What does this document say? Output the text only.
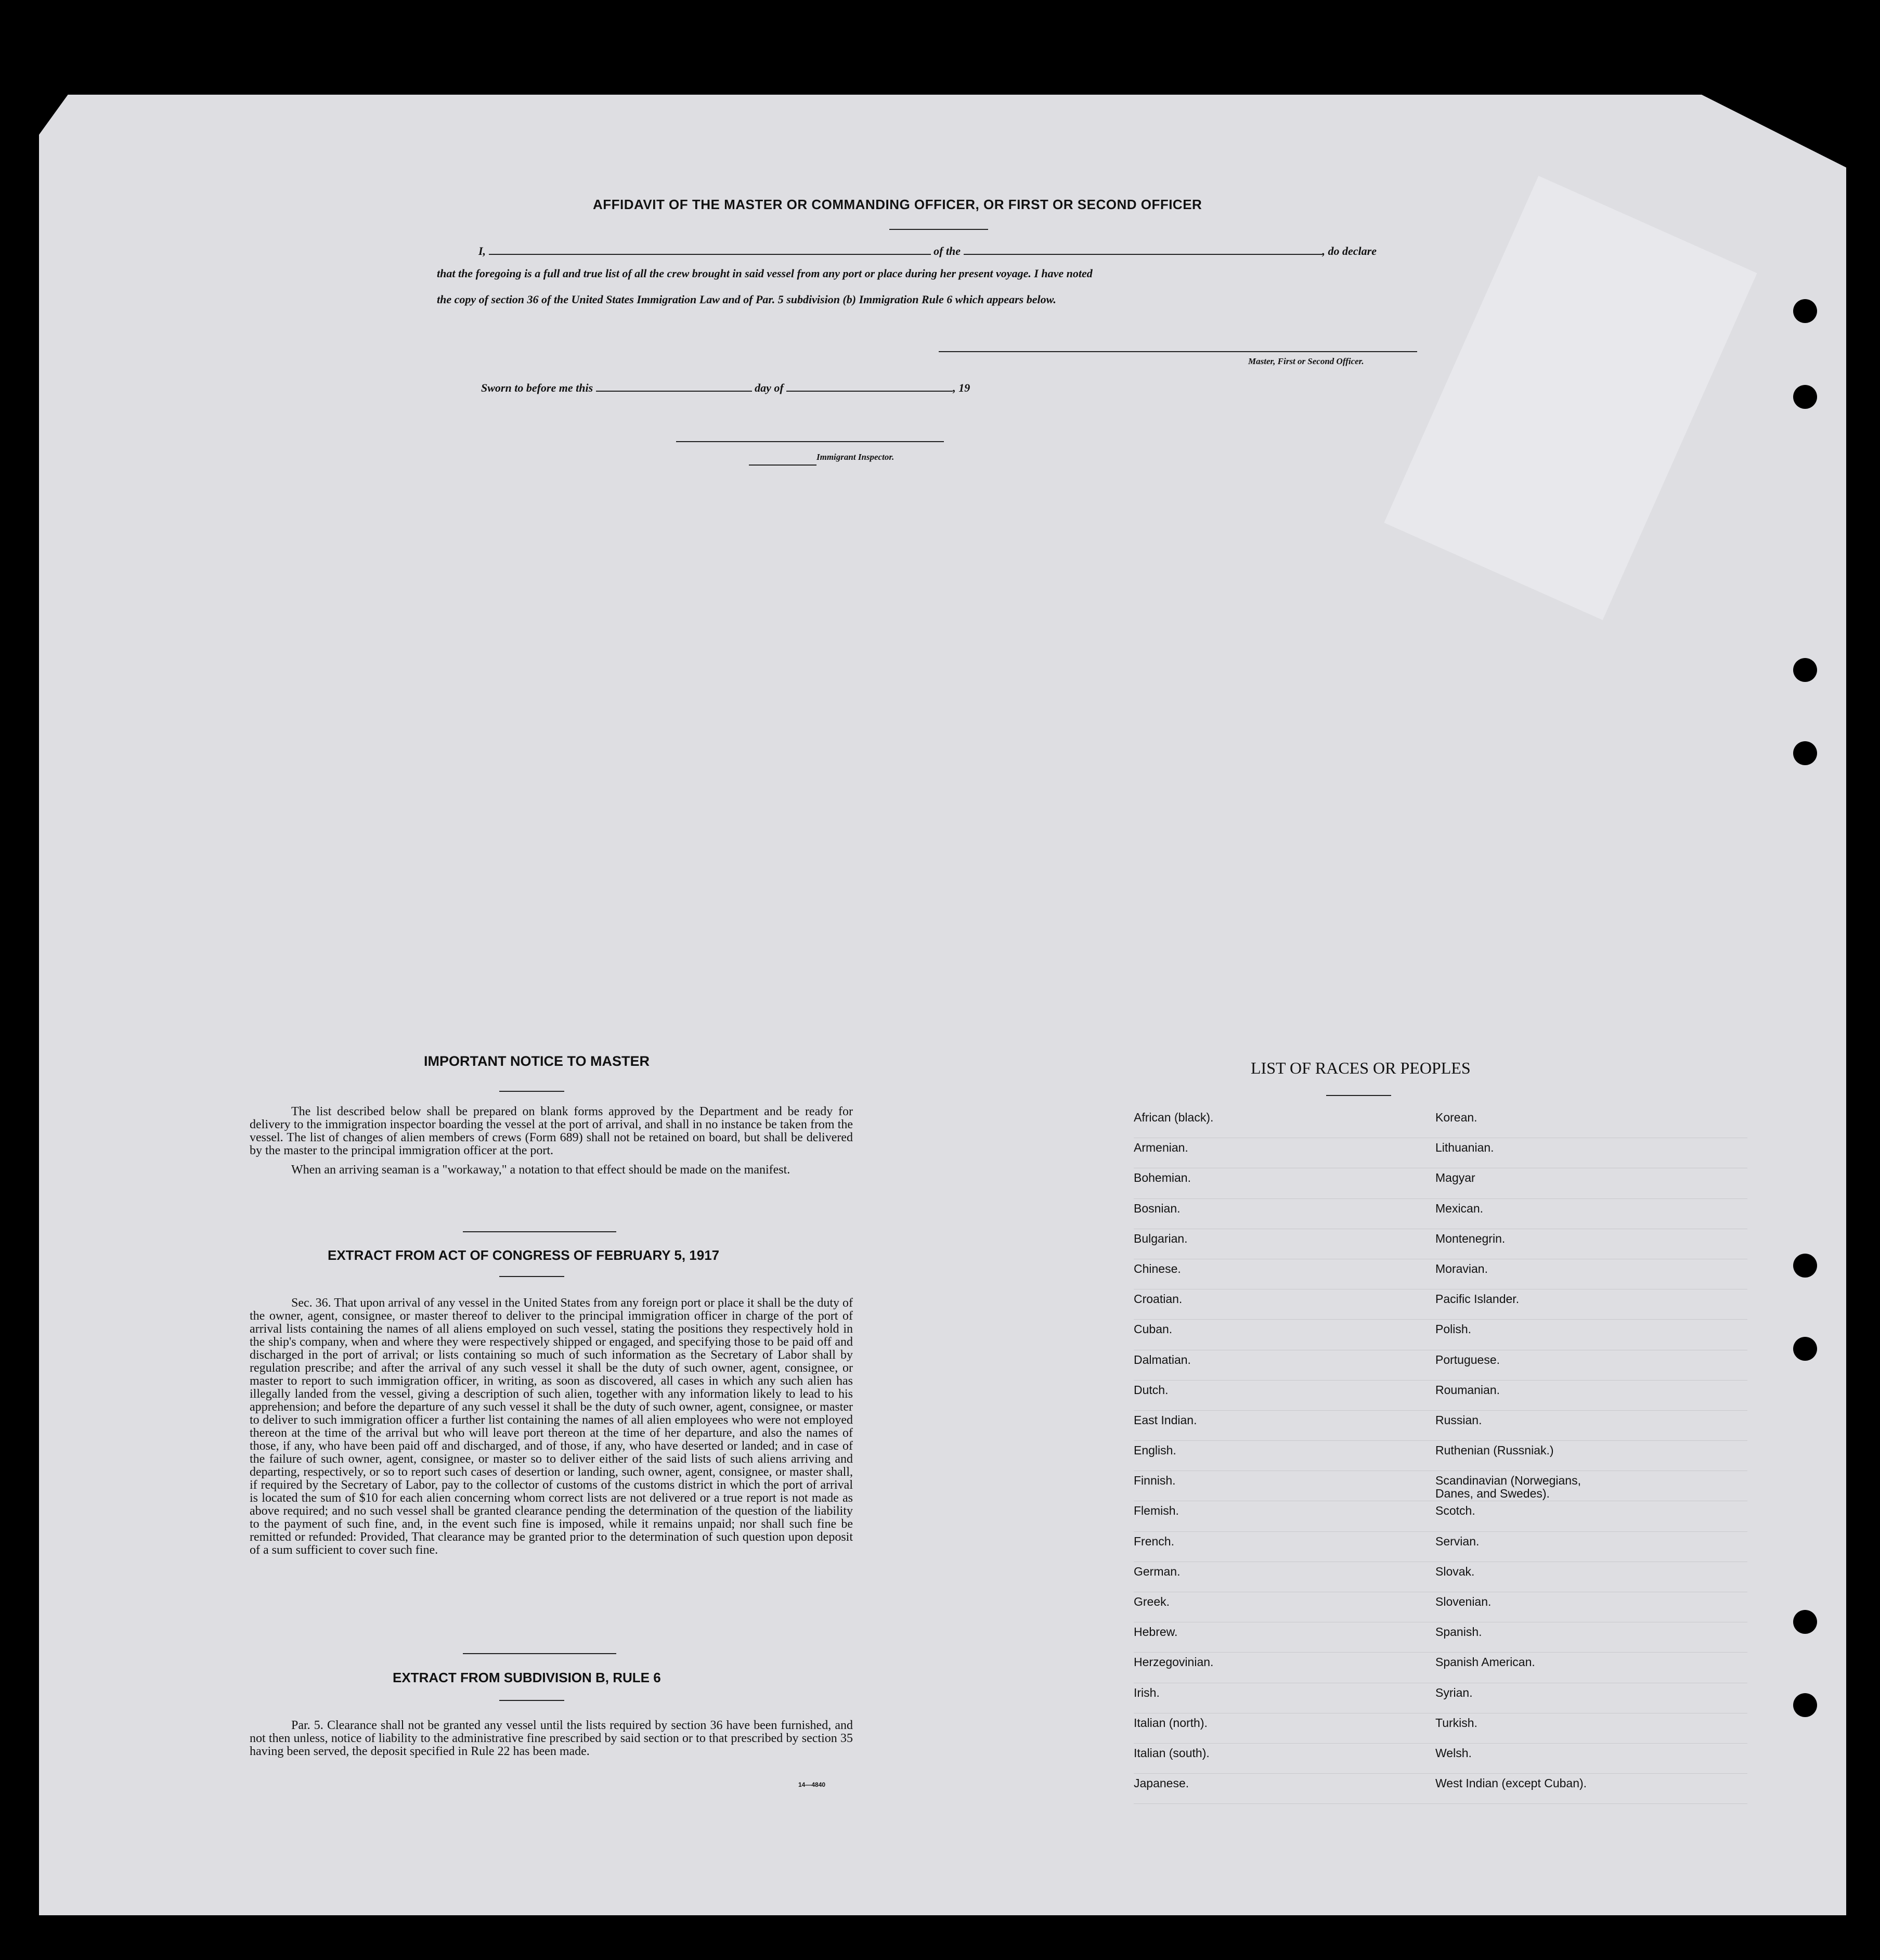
AFFIDAVIT OF THE MASTER OR COMMANDING OFFICER, OR FIRST OR SECOND OFFICER
I,	of the	, do declare
that the foregoing is a full and true list of all the crew brought in said vessel from any port or place during her present voyage. I have noted
the copy of section 36 of the United States Immigration Law and of Par. 5 subdivision (b) Immigration Rule 6 which appears below.
Master, First or Second Officer.
Sworn to before me this	day of	, 19
Immigrant Inspector.
IMPORTANT NOTICE TO MASTER

The list described below shall be prepared on blank forms approved by the Department and be ready for delivery to the immigration inspector boarding the vessel at the port of arrival, and shall in no instance be taken from the vessel. The list of changes of alien members of crews (Form 689) shall not be retained on board, but shall be delivered by the master to the principal immigration officer at the port.

When an arriving seaman is a "workaway," a notation to that effect should be made on the manifest.

EXTRACT FROM ACT OF CONGRESS OF FEBRUARY 5, 1917

Sec. 36. That upon arrival of any vessel in the United States from any foreign port or place it shall be the duty of the owner, agent, consignee, or master thereof to deliver to the principal immigration officer in charge of the port of arrival lists containing the names of all aliens employed on such vessel, stating the positions they respectively hold in the ship's company, when and where they were respectively shipped or engaged, and specifying those to be paid off and discharged in the port of arrival; or lists containing so much of such information as the Secretary of Labor shall by regulation prescribe; and after the arrival of any such vessel it shall be the duty of such owner, agent, consignee, or master to report to such immigration officer, in writing, as soon as discovered, all cases in which any such alien has illegally landed from the vessel, giving a description of such alien, together with any information likely to lead to his apprehension; and before the departure of any such vessel it shall be the duty of such owner, agent, consignee, or master to deliver to such immigration officer a further list containing the names of all alien employees who were not employed thereon at the time of the arrival but who will leave port thereon at the time of her departure, and also the names of those, if any, who have been paid off and discharged, and of those, if any, who have deserted or landed; and in case of the failure of such owner, agent, consignee, or master so to deliver either of the said lists of such aliens arriving and departing, respectively, or so to report such cases of desertion or landing, such owner, agent, consignee, or master shall, if required by the Secretary of Labor, pay to the collector of customs of the customs district in which the port of arrival is located the sum of $10 for each alien concerning whom correct lists are not delivered or a true report is not made as above required; and no such vessel shall be granted clearance pending the determination of the question of the liability to the payment of such fine, and, in the event such fine is imposed, while it remains unpaid; nor shall such fine be remitted or refunded: Provided, That clearance may be granted prior to the determination of such question upon deposit of a sum sufficient to cover such fine.

EXTRACT FROM SUBDIVISION B, RULE 6

Par. 5. Clearance shall not be granted any vessel until the lists required by section 36 have been furnished, and not then unless, notice of liability to the administrative fine prescribed by said section or to that prescribed by section 35 having been served, the deposit specified in Rule 22 has been made.

14—4840
LIST OF RACES OR PEOPLES
African (black).	Korean.
Armenian.	Lithuanian.
Bohemian.	Magyar
Bosnian.	Mexican.
Bulgarian.	Montenegrin.
Chinese.	Moravian.
Croatian.	Pacific Islander.
Cuban.	Polish.
Dalmatian.	Portuguese.
Dutch.	Roumanian.
East Indian.	Russian.
English.	Ruthenian (Russniak.)
Finnish.	Scandinavian (Norwegians,
Danes, and Swedes).
Flemish.	Scotch.
French.	Servian.
German.	Slovak.
Greek.	Slovenian.
Hebrew.	Spanish.
Herzegovinian.	Spanish American.
Irish.	Syrian.
Italian (north).	Turkish.
Italian (south).	Welsh.
Japanese.	West Indian (except Cuban).
